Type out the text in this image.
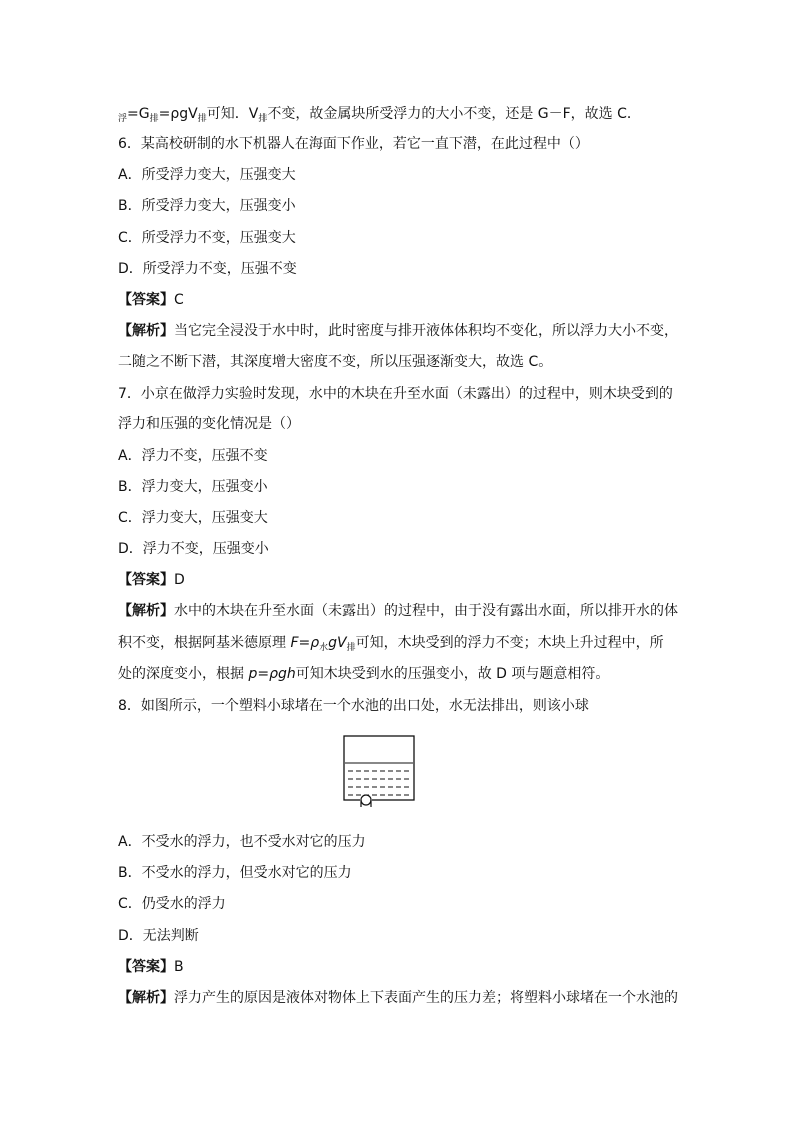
$_浮=G_排=\rho gV_排$可知．$V_排$不变，故金属块所受浮力的大小不变，还是 G－F，故选 C．
6．某高校研制的水下机器人在海面下作业，若它一直下潜，在此过程中（）
A．所受浮力变大，压强变大
B．所受浮力变大，压强变小
C．所受浮力不变，压强变大
D．所受浮力不变，压强不变
【答案】C
【解析】当它完全浸没于水中时，此时密度与排开液体体积均不变化，所以浮力大小不变，
二随之不断下潜，其深度增大密度不变，所以压强逐渐变大，故选 C。
7．小京在做浮力实验时发现，水中的木块在升至水面（未露出）的过程中，则木块受到的
浮力和压强的变化情况是（）
A．浮力不变，压强不变
B．浮力变大，压强变小
C．浮力变大，压强变大
D．浮力不变，压强变小
【答案】D
【解析】水中的木块在升至水面（未露出）的过程中，由于没有露出水面，所以排开水的体
积不变，根据阿基米德原理 $F=\rho_水gV_排$可知，木块受到的浮力不变；木块上升过程中，所
处的深度变小，根据 p=ρgh可知木块受到水的压强变小，故 D 项与题意相符。
8．如图所示，一个塑料小球堵在一个水池的出口处，水无法排出，则该小球
A．不受水的浮力，也不受水对它的压力
B．不受水的浮力，但受水对它的压力
C．仍受水的浮力
D．无法判断
【答案】B
【解析】浮力产生的原因是液体对物体上下表面产生的压力差；将塑料小球堵在一个水池的
